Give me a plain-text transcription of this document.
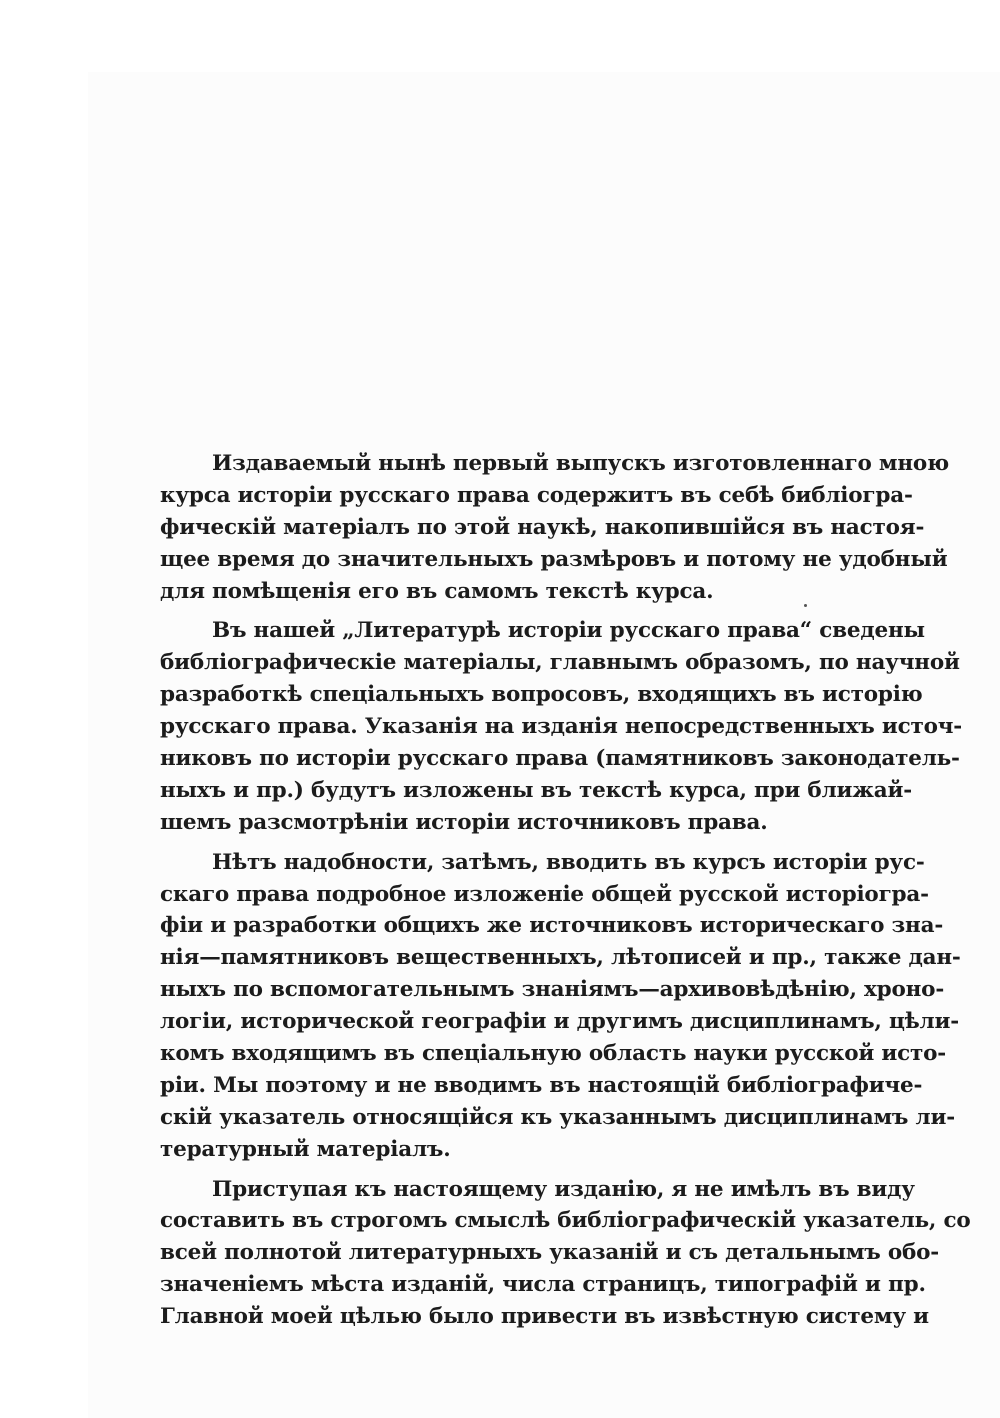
Издаваемый нынѣ первый выпускъ изготовленнаго мною
курса исторіи русскаго права содержитъ въ себѣ библіогра-
фическій матеріалъ по этой наукѣ, накопившійся въ настоя-
щее время до значительныхъ размѣровъ и потому не удобный
для помѣщенія его въ самомъ текстѣ курса.
Въ нашей „Литературѣ исторіи русскаго права“ сведены
библіографическіе матеріалы, главнымъ образомъ, по научной
разработкѣ спеціальныхъ вопросовъ, входящихъ въ исторію
русскаго права. Указанія на изданія непосредственныхъ источ-
никовъ по исторіи русскаго права (памятниковъ законодатель-
ныхъ и пр.) будутъ изложены въ текстѣ курса, при ближай-
шемъ разсмотрѣніи исторіи источниковъ права.
Нѣтъ надобности, затѣмъ, вводить въ курсъ исторіи рус-
скаго права подробное изложеніе общей русской исторіогра-
фіи и разработки общихъ же источниковъ историческаго зна-
нія—памятниковъ вещественныхъ, лѣтописей и пр., также дан-
ныхъ по вспомогательнымъ знаніямъ—архивовѣдѣнію, хроно-
логіи, исторической географіи и другимъ дисциплинамъ, цѣли-
комъ входящимъ въ спеціальную область науки русской исто-
ріи. Мы поэтому и не вводимъ въ настоящій библіографиче-
скій указатель относящійся къ указаннымъ дисциплинамъ ли-
тературный матеріалъ.
Приступая къ настоящему изданію, я не имѣлъ въ виду
составить въ строгомъ смыслѣ библіографическій указатель, со
всей полнотой литературныхъ указаній и съ детальнымъ обо-
значеніемъ мѣста изданій, числа страницъ, типографій и пр.
Главной моей цѣлью было привести въ извѣстную систему и
